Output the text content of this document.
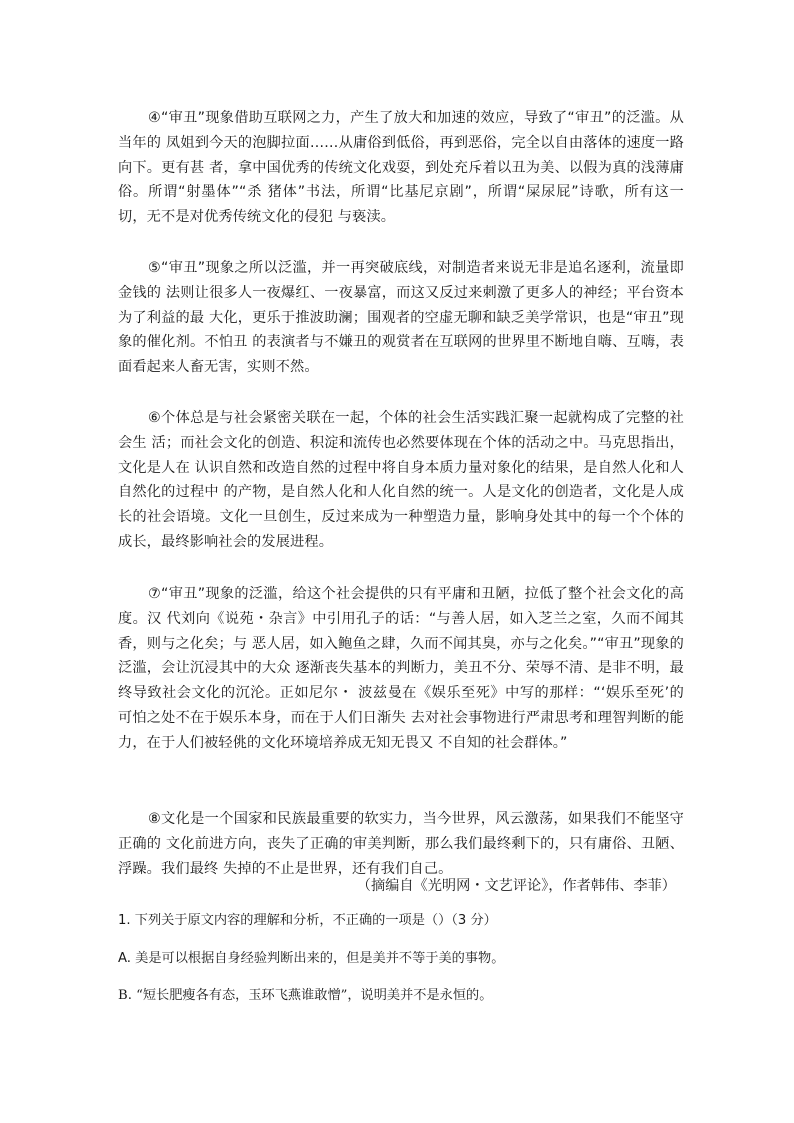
④“审丑”现象借助互联网之力，产生了放大和加速的效应，导致了“审丑”的泛滥。从当年的 凤姐到今天的泡脚拉面……从庸俗到低俗，再到恶俗，完全以自由落体的速度一路向下。更有甚 者，拿中国优秀的传统文化戏耍，到处充斥着以丑为美、以假为真的浅薄庸俗。所谓“射墨体”“杀 猪体”书法，所谓“比基尼京剧”，所谓“屎尿屁”诗歌，所有这一切，无不是对优秀传统文化的侵犯 与亵渎。

⑤“审丑”现象之所以泛滥，并一再突破底线，对制造者来说无非是追名逐利，流量即金钱的 法则让很多人一夜爆红、一夜暴富，而这又反过来刺激了更多人的神经；平台资本为了利益的最 大化，更乐于推波助澜；围观者的空虚无聊和缺乏美学常识，也是“审丑”现象的催化剂。不怕丑 的表演者与不嫌丑的观赏者在互联网的世界里不断地自嗨、互嗨，表面看起来人畜无害，实则不然。

⑥个体总是与社会紧密关联在一起，个体的社会生活实践汇聚一起就构成了完整的社会生 活；而社会文化的创造、积淀和流传也必然要体现在个体的活动之中。马克思指出，文化是人在 认识自然和改造自然的过程中将自身本质力量对象化的结果，是自然人化和人自然化的过程中 的产物，是自然人化和人化自然的统一。人是文化的创造者，文化是人成长的社会语境。文化一旦创生，反过来成为一种塑造力量，影响身处其中的每一个个体的成长，最终影响社会的发展进程。

⑦“审丑”现象的泛滥，给这个社会提供的只有平庸和丑陋，拉低了整个社会文化的高度。汉 代刘向《说苑・杂言》中引用孔子的话：“与善人居，如入芝兰之室，久而不闻其香，则与之化矣；与 恶人居，如入鲍鱼之肆，久而不闻其臭，亦与之化矣。”“审丑”现象的泛滥，会让沉浸其中的大众 逐渐丧失基本的判断力，美丑不分、荣辱不清、是非不明，最终导致社会文化的沉沦。正如尼尔・ 波兹曼在《娱乐至死》中写的那样：“‘娱乐至死’的可怕之处不在于娱乐本身，而在于人们日渐失 去对社会事物进行严肃思考和理智判断的能力，在于人们被轻佻的文化环境培养成无知无畏又 不自知的社会群体。”

⑧文化是一个国家和民族最重要的软实力，当今世界，风云激荡，如果我们不能坚守正确的 文化前进方向，丧失了正确的审美判断，那么我们最终剩下的，只有庸俗、丑陋、浮躁。我们最终 失掉的不止是世界，还有我们自己。

（摘编自《光明网・文艺评论》，作者韩伟、李菲）

1. 下列关于原文内容的理解和分析，不正确的一项是（）（3 分）

A. 美是可以根据自身经验判断出来的，但是美并不等于美的事物。

B. “短长肥瘦各有态，玉环飞燕谁敢憎”，说明美并不是永恒的。
